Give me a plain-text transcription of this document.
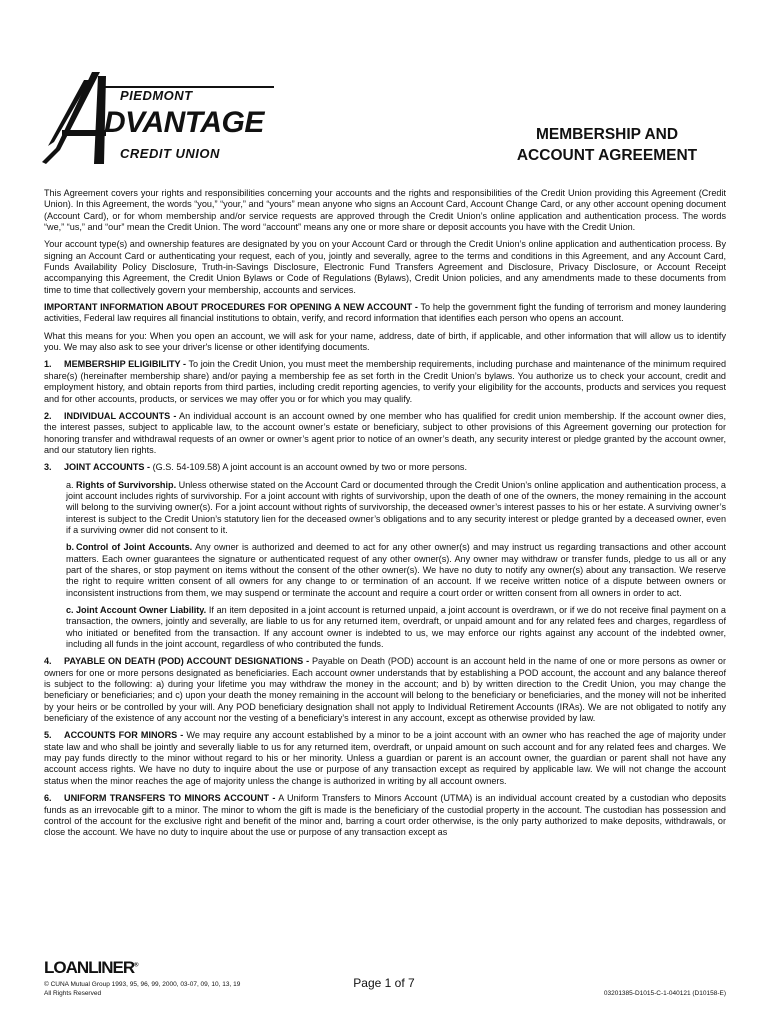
PIEDMONT
DVANTAGE
CREDIT UNION
MEMBERSHIP AND
ACCOUNT AGREEMENT

This Agreement covers your rights and responsibilities concerning your accounts and the rights and responsibilities of the Credit Union providing this Agreement (Credit Union). In this Agreement, the words “you,” “your,” and “yours” mean anyone who signs an Account Card, Account Change Card, or any other account opening document (Account Card), or for whom membership and/or service requests are approved through the Credit Union’s online application and authentication process. The words “we,” “us,” and “our” mean the Credit Union. The word “account” means any one or more share or deposit accounts you have with the Credit Union.

Your account type(s) and ownership features are designated by you on your Account Card or through the Credit Union’s online application and authentication process. By signing an Account Card or authenticating your request, each of you, jointly and severally, agree to the terms and conditions in this Agreement, and any Account Card, Funds Availability Policy Disclosure, Truth-in-Savings Disclosure, Electronic Fund Transfers Agreement and Disclosure, Privacy Disclosure, or Account Receipt accompanying this Agreement, the Credit Union Bylaws or Code of Regulations (Bylaws), Credit Union policies, and any amendments made to these documents from time to time that collectively govern your membership, accounts and services.

IMPORTANT INFORMATION ABOUT PROCEDURES FOR OPENING A NEW ACCOUNT - To help the government fight the funding of terrorism and money laundering activities, Federal law requires all financial institutions to obtain, verify, and record information that identifies each person who opens an account.

What this means for you: When you open an account, we will ask for your name, address, date of birth, if applicable, and other information that will allow us to identify you. We may also ask to see your driver's license or other identifying documents.

1. MEMBERSHIP ELIGIBILITY - To join the Credit Union, you must meet the membership requirements, including purchase and maintenance of the minimum required share(s) (hereinafter membership share) and/or paying a membership fee as set forth in the Credit Union’s bylaws. You authorize us to check your account, credit and employment history, and obtain reports from third parties, including credit reporting agencies, to verify your eligibility for the accounts, products and services you request and for other accounts, products, or services we may offer you or for which you may qualify.

2. INDIVIDUAL ACCOUNTS - An individual account is an account owned by one member who has qualified for credit union membership. If the account owner dies, the interest passes, subject to applicable law, to the account owner’s estate or beneficiary, subject to other provisions of this Agreement governing our protection for honoring transfer and withdrawal requests of an owner or owner’s agent prior to notice of an owner’s death, any security interest or pledge granted by the account owner, and our statutory lien rights.

3. JOINT ACCOUNTS - (G.S. 54-109.58) A joint account is an account owned by two or more persons.

a. Rights of Survivorship. Unless otherwise stated on the Account Card or documented through the Credit Union’s online application and authentication process, a joint account includes rights of survivorship. For a joint account with rights of survivorship, upon the death of one of the owners, the money remaining in the account will belong to the surviving owner(s). For a joint account without rights of survivorship, the deceased owner’s interest passes to his or her estate. A surviving owner’s interest is subject to the Credit Union’s statutory lien for the deceased owner’s obligations and to any security interest or pledge granted by a deceased owner, even if a surviving owner did not consent to it.

b. Control of Joint Accounts. Any owner is authorized and deemed to act for any other owner(s) and may instruct us regarding transactions and other account matters. Each owner guarantees the signature or authenticated request of any other owner(s). Any owner may withdraw or transfer funds, pledge to us all or any part of the shares, or stop payment on items without the consent of the other owner(s). We have no duty to notify any owner(s) about any transaction. We reserve the right to require written consent of all owners for any change to or termination of an account. If we receive written notice of a dispute between owners or inconsistent instructions from them, we may suspend or terminate the account and require a court order or written consent from all owners in order to act.

c. Joint Account Owner Liability. If an item deposited in a joint account is returned unpaid, a joint account is overdrawn, or if we do not receive final payment on a transaction, the owners, jointly and severally, are liable to us for any returned item, overdraft, or unpaid amount and for any related fees and charges, regardless of who initiated or benefited from the transaction. If any account owner is indebted to us, we may enforce our rights against any account of the indebted owner, including all funds in the joint account, regardless of who contributed the funds.

4. PAYABLE ON DEATH (POD) ACCOUNT DESIGNATIONS - Payable on Death (POD) account is an account held in the name of one or more persons as owner or owners for one or more persons designated as beneficiaries. Each account owner understands that by establishing a POD account, the account and any balance thereof is subject to the following: a) during your lifetime you may withdraw the money in the account; and b) by written direction to the Credit Union, you may change the beneficiary or beneficiaries; and c) upon your death the money remaining in the account will belong to the beneficiary or beneficiaries, and the money will not be inherited by your heirs or be controlled by your will. Any POD beneficiary designation shall not apply to Individual Retirement Accounts (IRAs). We are not obligated to notify any beneficiary of the existence of any account nor the vesting of a beneficiary’s interest in any account, except as otherwise provided by law.

5. ACCOUNTS FOR MINORS - We may require any account established by a minor to be a joint account with an owner who has reached the age of majority under state law and who shall be jointly and severally liable to us for any returned item, overdraft, or unpaid amount on such account and for any related fees and charges. We may pay funds directly to the minor without regard to his or her minority. Unless a guardian or parent is an account owner, the guardian or parent shall not have any account access rights. We have no duty to inquire about the use or purpose of any transaction except as required by applicable law. We will not change the account status when the minor reaches the age of majority unless the change is authorized in writing by all account owners.

6. UNIFORM TRANSFERS TO MINORS ACCOUNT - A Uniform Transfers to Minors Account (UTMA) is an individual account created by a custodian who deposits funds as an irrevocable gift to a minor. The minor to whom the gift is made is the beneficiary of the custodial property in the account. The custodian has possession and control of the account for the exclusive right and benefit of the minor and, barring a court order otherwise, is the only party authorized to make deposits, withdrawals, or close the account. We have no duty to inquire about the use or purpose of any transaction except as

LOANLINER®
© CUNA Mutual Group 1993, 95, 96, 99, 2000, 03-07, 09, 10, 13, 19
All Rights Reserved
Page 1 of 7
03201385-D1015-C-1-040121 (D10158-E)
